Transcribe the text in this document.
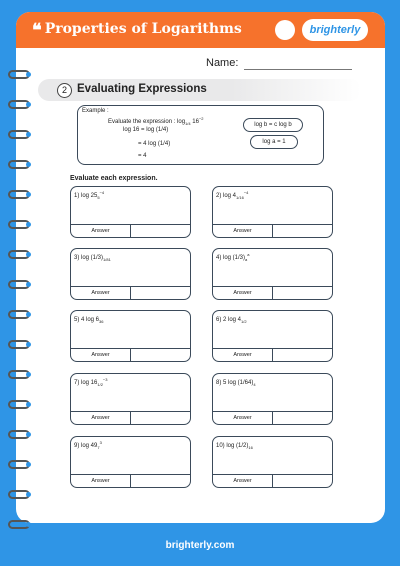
❝ Properties of Logarithms	brighterly
Name:
2 Evaluating Expressions
Example :
Evaluate the expression : $\log_{1/4} 16^{-2}$
log 16 = log (1/4)
= 4 log (1/4)
= 4
log b = c log b
log a = 1
Evaluate each expression.
1) $\log 25_5^{-4}$
Answer
2) $\log 4_{1/16}^{-4}$
Answer
3) $\log (1/3)_{1/81}$
Answer
4) $\log (1/3)_a^a$
Answer
5) 4 $\log 6_{36}$
Answer
6) 2 $\log 4_{1/2}$
Answer
7) $\log 16_{1/2}^{-3}$
Answer
8) 5 $\log (1/64)_4$
Answer
9) $\log 49_7^3$
Answer
10) $\log (1/2)_{16}$
Answer
brighterly.com
